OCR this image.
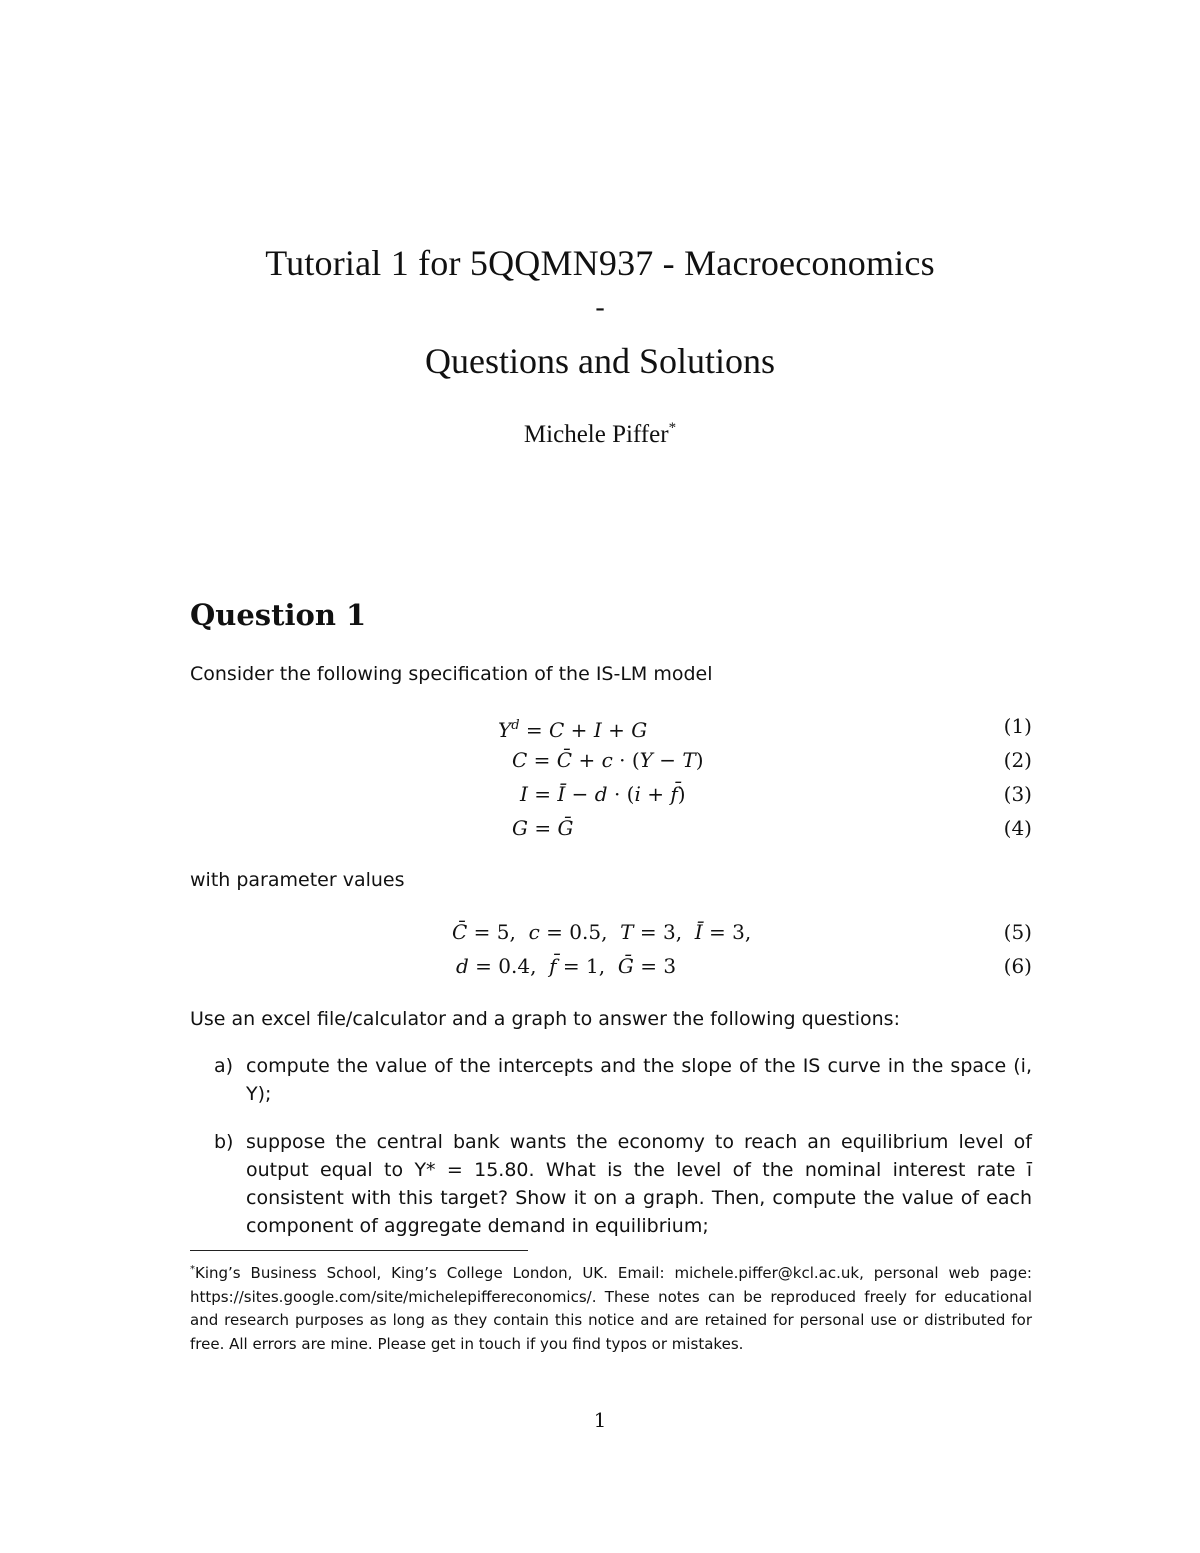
Tutorial 1 for 5QQMN937 - Macroeconomics
-
Questions and Solutions
Michele Piffer*
Question 1
Consider the following specification of the IS-LM model
$Y^d = C + I + G$	(1)
C = C̄ + c · (Y − T)	(2)
I = Ī − d · (i + f̄)	(3)
G = Ḡ	(4)
with parameter values
C̄ = 5,  c = 0.5,  T = 3,  Ī = 3,	(5)
d = 0.4,  f̄ = 1,  Ḡ = 3	(6)
Use an excel file/calculator and a graph to answer the following questions:
a) compute the value of the intercepts and the slope of the IS curve in the space (i, Y);
b) suppose the central bank wants the economy to reach an equilibrium level of output equal to Y* = 15.80. What is the level of the nominal interest rate ī consistent with this target? Show it on a graph. Then, compute the value of each component of aggregate demand in equilibrium;
*King’s Business School, King’s College London, UK. Email: michele.piffer@kcl.ac.uk, personal web page: https://sites.google.com/site/michelepiffereconomics/. These notes can be reproduced freely for educational and research purposes as long as they contain this notice and are retained for personal use or distributed for free. All errors are mine. Please get in touch if you find typos or mistakes.
1
